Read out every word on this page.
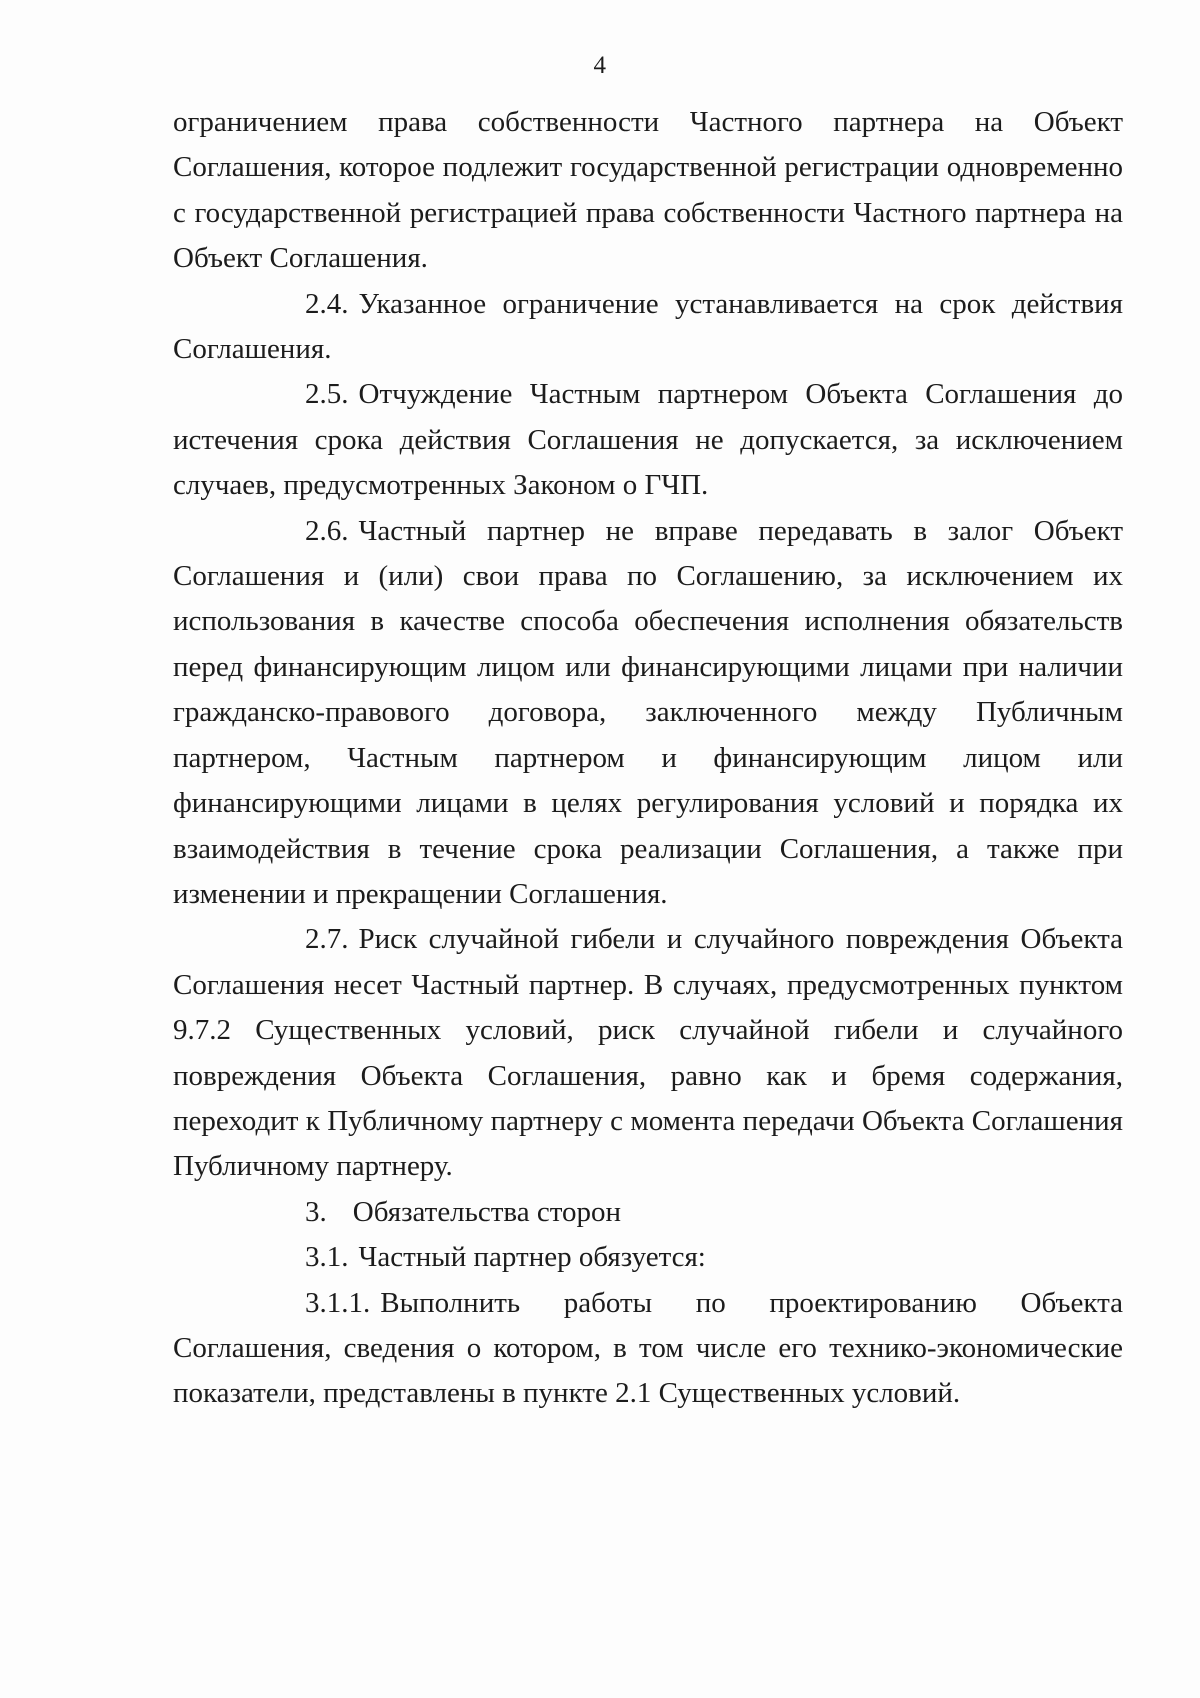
4

ограничением права собственности Частного партнера на Объект Соглашения, которое подлежит государственной регистрации одновременно с государственной регистрацией права собственности Частного партнера на Объект Соглашения.

2.4. Указанное ограничение устанавливается на срок действия Соглашения.

2.5. Отчуждение Частным партнером Объекта Соглашения до истечения срока действия Соглашения не допускается, за исключением случаев, предусмотренных Законом о ГЧП.

2.6. Частный партнер не вправе передавать в залог Объект Соглашения и (или) свои права по Соглашению, за исключением их использования в качестве способа обеспечения исполнения обязательств перед финансирующим лицом или финансирующими лицами при наличии гражданско-правового договора, заключенного между Публичным партнером, Частным партнером и финансирующим лицом или финансирующими лицами в целях регулирования условий и порядка их взаимодействия в течение срока реализации Соглашения, а также при изменении и прекращении Соглашения.

2.7. Риск случайной гибели и случайного повреждения Объекта Соглашения несет Частный партнер. В случаях, предусмотренных пунктом 9.7.2 Существенных условий, риск случайной гибели и случайного повреждения Объекта Соглашения, равно как и бремя содержания, переходит к Публичному партнеру с момента передачи Объекта Соглашения Публичному партнеру.

3. Обязательства сторон

3.1. Частный партнер обязуется:

3.1.1. Выполнить работы по проектированию Объекта Соглашения, сведения о котором, в том числе его технико-экономические показатели, представлены в пункте 2.1 Существенных условий.
